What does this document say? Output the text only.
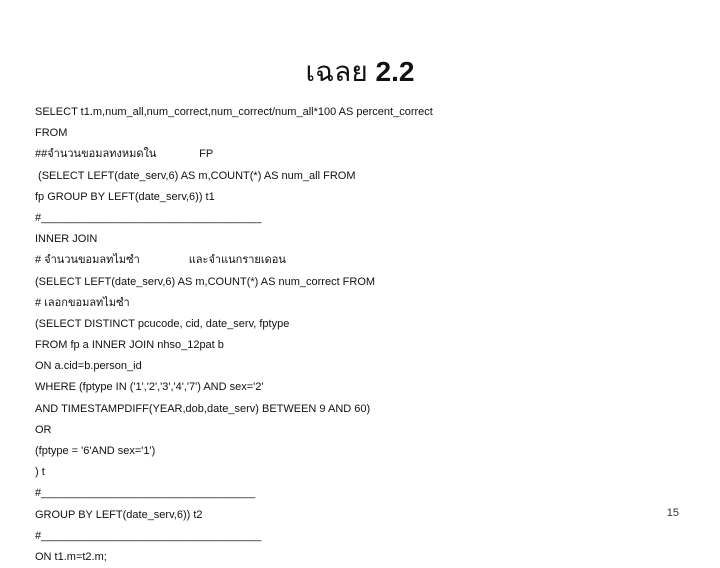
เฉลย 2.2
SELECT t1.m,num_all,num_correct,num_correct/num_all*100 AS percent_correct
FROM
##จำนวนขอมลทงหมดใน              FP
(SELECT LEFT(date_serv,6) AS m,COUNT(*) AS num_all FROM
fp GROUP BY LEFT(date_serv,6)) t1
#____________________________________
INNER JOIN
# จำนวนขอมลทไมซำ                และจำแนกรายเดอน
(SELECT LEFT(date_serv,6) AS m,COUNT(*) AS num_correct FROM
# เลอกขอมลทไมซำ
(SELECT DISTINCT pcucode, cid, date_serv, fptype
FROM fp a INNER JOIN nhso_12pat b
ON a.cid=b.person_id
WHERE (fptype IN ('1','2','3','4','7') AND sex='2'
AND TIMESTAMPDIFF(YEAR,dob,date_serv) BETWEEN 9 AND 60)
OR
(fptype = '6'AND sex='1')
) t
#___________________________________
GROUP BY LEFT(date_serv,6)) t2
#____________________________________
ON t1.m=t2.m;
15
